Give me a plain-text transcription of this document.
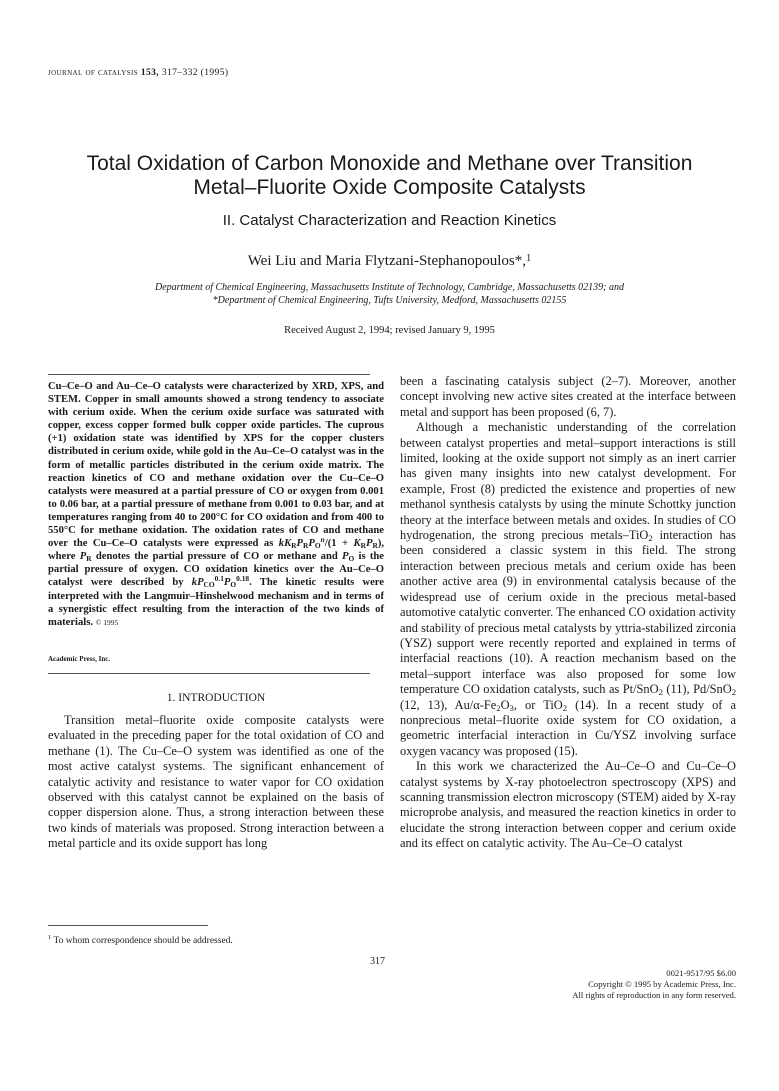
journal of catalysis 153, 317–332 (1995)
Total Oxidation of Carbon Monoxide and Methane over Transition
Metal–Fluorite Oxide Composite Catalysts
II. Catalyst Characterization and Reaction Kinetics
Wei Liu and Maria Flytzani-Stephanopoulos*,$^1$
Department of Chemical Engineering, Massachusetts Institute of Technology, Cambridge, Massachusetts 02139; and
*Department of Chemical Engineering, Tufts University, Medford, Massachusetts 02155
Received August 2, 1994; revised January 9, 1995
Cu–Ce–O and Au–Ce–O catalysts were characterized by XRD, XPS, and STEM. Copper in small amounts showed a strong tendency to associate with cerium oxide. When the cerium oxide surface was saturated with copper, excess copper formed bulk copper oxide particles. The cuprous (+1) oxidation state was identified by XPS for the copper clusters distributed in cerium oxide, while gold in the Au–Ce–O catalyst was in the form of metallic particles distributed in the cerium oxide matrix. The reaction kinetics of CO and methane oxidation over the Cu–Ce–O catalysts were measured at a partial pressure of CO or oxygen from 0.001 to 0.06 bar, at a partial pressure of methane from 0.001 to 0.03 bar, and at temperatures ranging from 40 to 200°C for CO oxidation and from 400 to 550°C for methane oxidation. The oxidation rates of CO and methane over the Cu–Ce–O catalysts were expressed as $kK_RP_RP_O^n/(1 + K_RP_R)$, where $P_R$ denotes the partial pressure of CO or methane and $P_O$ is the partial pressure of oxygen. CO oxidation kinetics over the Au–Ce–O catalyst were described by $kP_{CO}^{0.1}P_O^{0.18}$. The kinetic results were interpreted with the Langmuir–Hinshelwood mechanism and in terms of a synergistic effect resulting from the interaction of the two kinds of materials. © 1995
Academic Press, Inc.
1. INTRODUCTION

Transition metal–fluorite oxide composite catalysts were evaluated in the preceding paper for the total oxidation of CO and methane (1). The Cu–Ce–O system was identified as one of the most active catalyst systems. The significant enhancement of catalytic activity and resistance to water vapor for CO oxidation observed with this catalyst cannot be explained on the basis of copper dispersion alone. Thus, a strong interaction between these two kinds of materials was proposed. Strong interaction between a metal particle and its oxide support has long

$^1$ To whom correspondence should be addressed.

been a fascinating catalysis subject (2–7). Moreover, another concept involving new active sites created at the interface between metal and support has been proposed (6, 7).

Although a mechanistic understanding of the correlation between catalyst properties and metal–support interactions is still limited, looking at the oxide support not simply as an inert carrier has given many insights into new catalyst development. For example, Frost (8) predicted the existence and properties of new methanol synthesis catalysts by using the minute Schottky junction theory at the interface between metals and oxides. In studies of CO hydrogenation, the strong precious metals–TiO$_2$ interaction has been considered a classic system in this field. The strong interaction between precious metals and cerium oxide has been another active area (9) in environmental catalysis because of the widespread use of cerium oxide in the precious metal-based automotive catalytic converter. The enhanced CO oxidation activity and stability of precious metal catalysts by yttria-stabilized zirconia (YSZ) support were recently reported and explained in terms of interfacial reactions (10). A reaction mechanism based on the metal–support interface was also proposed for some low temperature CO oxidation catalysts, such as Pt/SnO$_2$ (11), Pd/SnO$_2$ (12, 13), $Au/\alpha-Fe_2O_3$, or TiO$_2$ (14). In a recent study of a nonprecious metal–fluorite oxide system for CO oxidation, a geometric interfacial interaction in Cu/YSZ involving surface oxygen vacancy was proposed (15).

In this work we characterized the Au–Ce–O and Cu–Ce–O catalyst systems by X-ray photoelectron spectroscopy (XPS) and scanning transmission electron microscopy (STEM) aided by X-ray microprobe analysis, and measured the reaction kinetics in order to elucidate the strong interaction between copper and cerium oxide and its effect on catalytic activity. The Au–Ce–O catalyst

317
0021-9517/95 $6.00
Copyright © 1995 by Academic Press, Inc.
All rights of reproduction in any form reserved.
